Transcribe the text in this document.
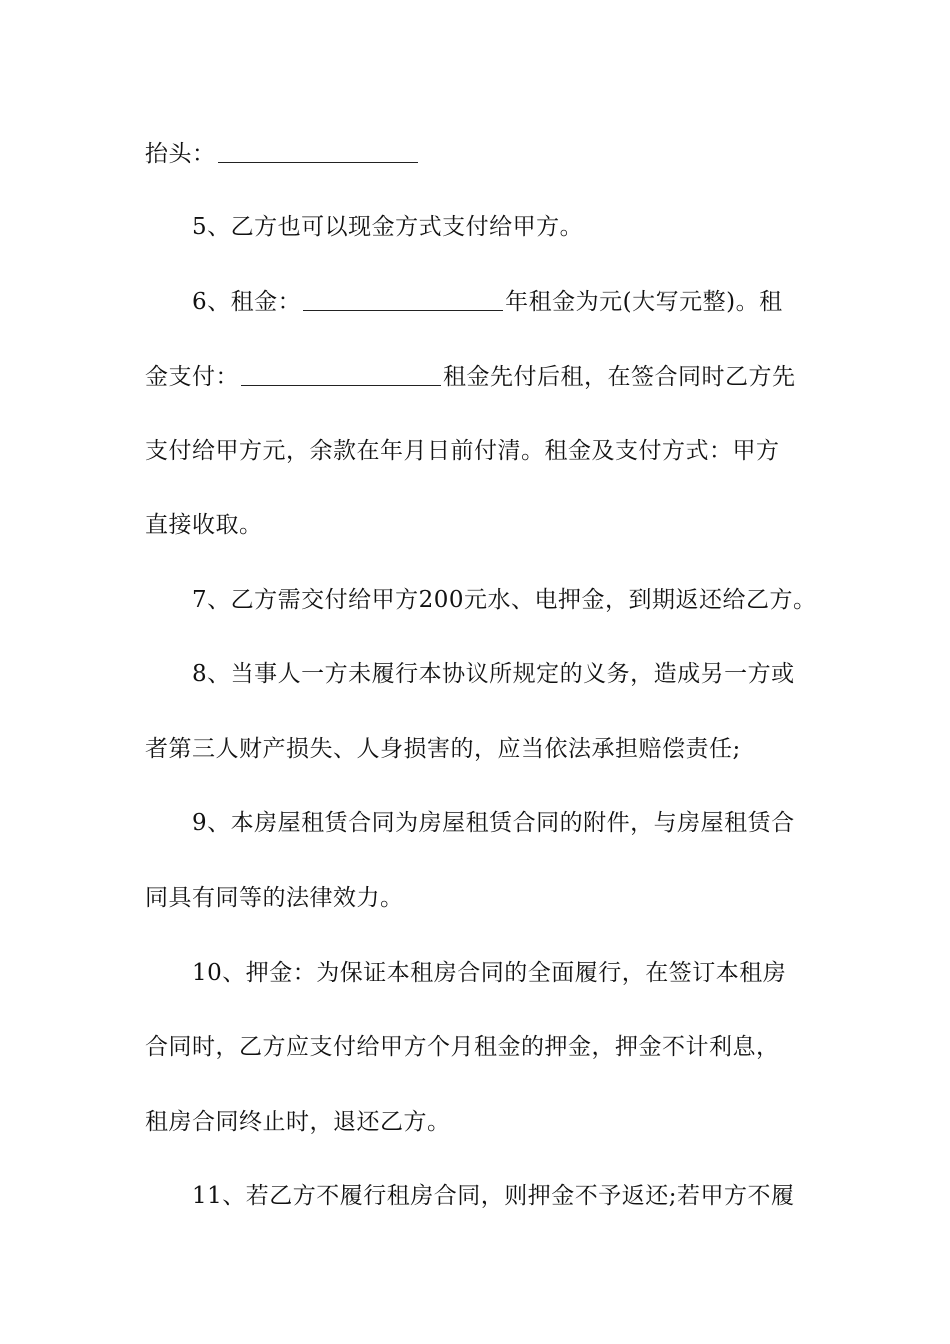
抬头：
5、乙方也可以现金方式支付给甲方。
6、租金：	年租金为元(大写元整)。租
金支付：	租金先付后租，在签合同时乙方先
支付给甲方元，余款在年月日前付清。租金及支付方式：甲方
直接收取。
7、乙方需交付给甲方200元水、电押金，到期返还给乙方。
8、当事人一方未履行本协议所规定的义务，造成另一方或
者第三人财产损失、人身损害的，应当依法承担赔偿责任;
9、本房屋租赁合同为房屋租赁合同的附件，与房屋租赁合
同具有同等的法律效力。
10、押金：为保证本租房合同的全面履行，在签订本租房
合同时，乙方应支付给甲方个月租金的押金，押金不计利息，
租房合同终止时，退还乙方。
11、若乙方不履行租房合同，则押金不予返还;若甲方不履
